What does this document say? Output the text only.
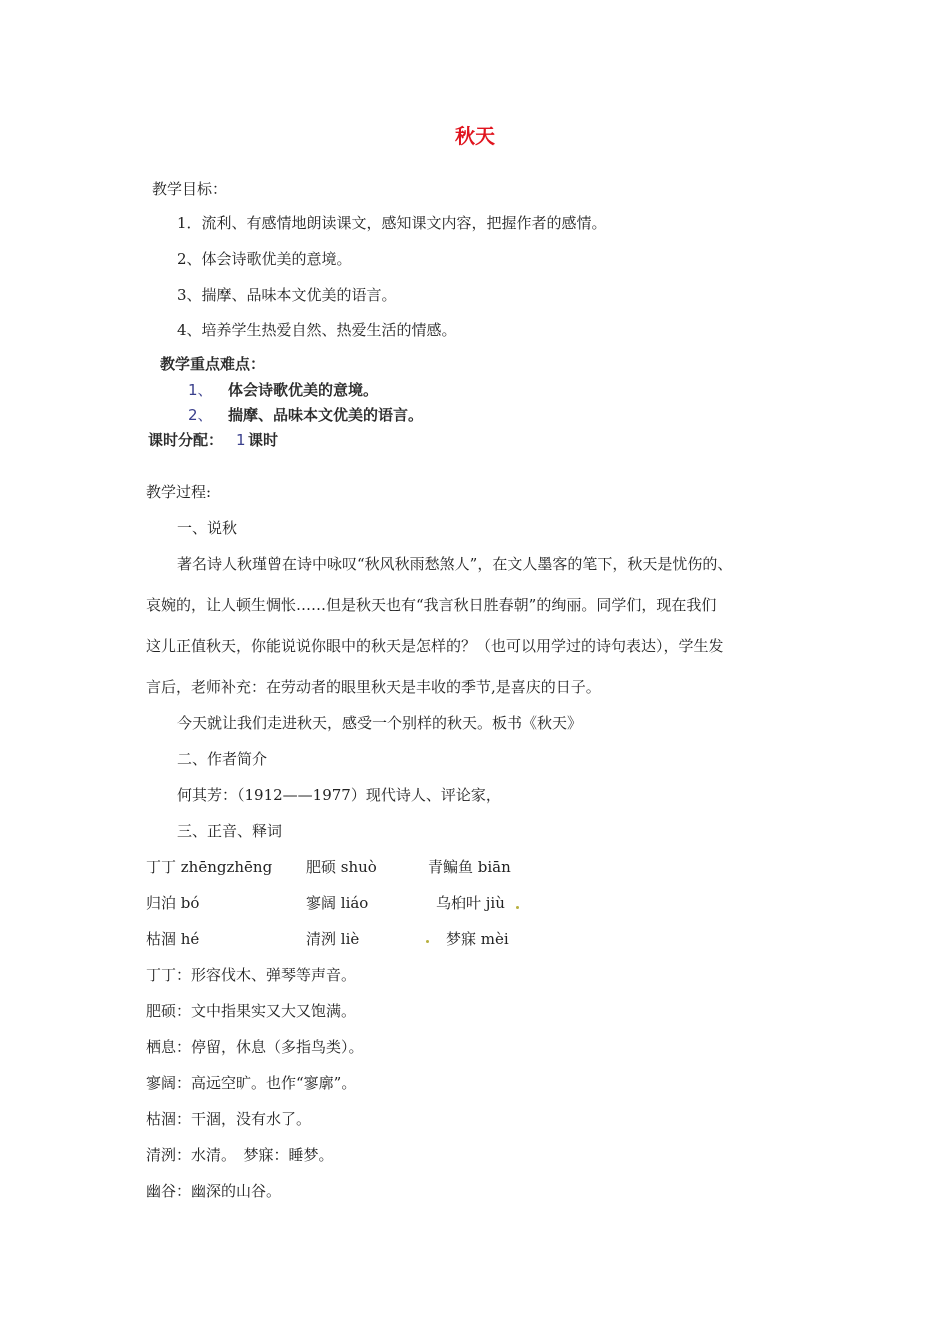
秋天
教学目标：
1．流利、有感情地朗读课文，感知课文内容，把握作者的感情。
2、体会诗歌优美的意境。
3、揣摩、品味本文优美的语言。
4、培养学生热爱自然、热爱生活的情感。
教学重点难点：
1、 体会诗歌优美的意境。
2、 揣摩、品味本文优美的语言。
课时分配： 1 课时
教学过程:
一、说秋
著名诗人秋瑾曾在诗中咏叹“秋风秋雨愁煞人”，在文人墨客的笔下，秋天是忧伤的、
哀婉的，让人顿生惆怅……但是秋天也有“我言秋日胜春朝”的绚丽。同学们，现在我们
这儿正值秋天，你能说说你眼中的秋天是怎样的？（也可以用学过的诗句表达），学生发
言后，老师补充：在劳动者的眼里秋天是丰收的季节,是喜庆的日子。
今天就让我们走进秋天，感受一个别样的秋天。板书《秋天》
二、作者简介
何其芳：（1912——1977）现代诗人、评论家，
三、正音、释词
丁丁 zhēngzhēng 肥硕 shuò	青鳊鱼 biān
归泊 bó	寥阔 liáo	乌桕叶 jiù
枯涸 hé	清洌 liè	梦寐 mèi
丁丁：形容伐木、弹琴等声音。
肥硕：文中指果实又大又饱满。
栖息：停留，休息（多指鸟类）。
寥阔：高远空旷。也作“寥廓”。
枯涸：干涸，没有水了。
清洌：水清。　梦寐：睡梦。
幽谷：幽深的山谷。
